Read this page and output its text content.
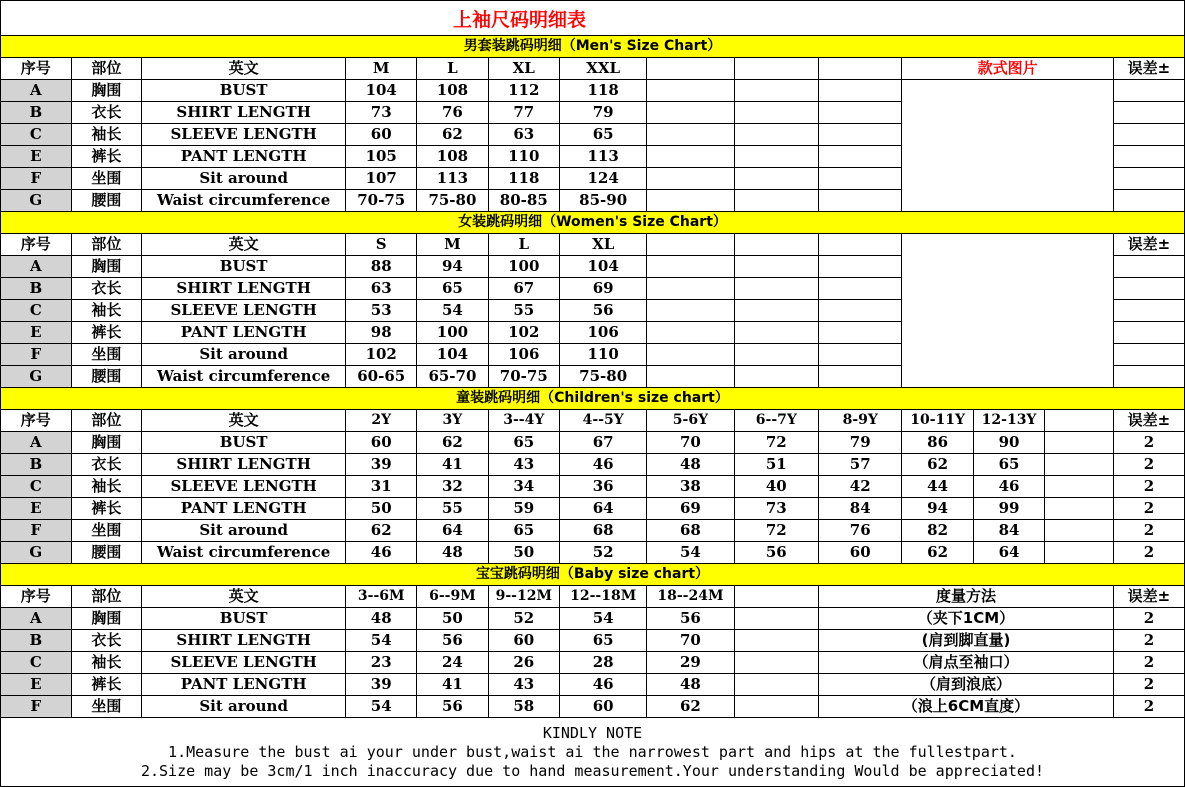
上袖尺码明细表
男套装跳码明细（Men's Size Chart）													
序号	部位	英文	M	L	XL	XXL				款式图片			误差±
A	胸围	BUST	104	108	112	118							
B	衣长	SHIRT LENGTH	73	76	77	79							
C	袖长	SLEEVE LENGTH	60	62	63	65							
E	裤长	PANT LENGTH	105	108	110	113							
F	坐围	Sit around	107	113	118	124							
G	腰围	Waist circumference	70-75	75-80	80-85	85-90							
女装跳码明细（Women's Size Chart）													
序号	部位	英文	S	M	L	XL							误差±
A	胸围	BUST	88	94	100	104							
B	衣长	SHIRT LENGTH	63	65	67	69							
C	袖长	SLEEVE LENGTH	53	54	55	56							
E	裤长	PANT LENGTH	98	100	102	106							
F	坐围	Sit around	102	104	106	110							
G	腰围	Waist circumference	60-65	65-70	70-75	75-80							
童装跳码明细（Children's size chart）													
序号	部位	英文	2Y	3Y	3--4Y	4--5Y	5-6Y	6--7Y	8-9Y	10-11Y	12-13Y		误差±
A	胸围	BUST	60	62	65	67	70	72	79	86	90		2
B	衣长	SHIRT LENGTH	39	41	43	46	48	51	57	62	65		2
C	袖长	SLEEVE LENGTH	31	32	34	36	38	40	42	44	46		2
E	裤长	PANT LENGTH	50	55	59	64	69	73	84	94	99		2
F	坐围	Sit around	62	64	65	68	68	72	76	82	84		2
G	腰围	Waist circumference	46	48	50	52	54	56	60	62	64		2
宝宝跳码明细（Baby size chart）													
序号	部位	英文	3--6M	6--9M	9--12M	12--18M	18--24M		度量方法				误差±
A	胸围	BUST	48	50	52	54	56		（夹下1CM）				2
B	衣长	SHIRT LENGTH	54	56	60	65	70		(肩到脚直量)				2
C	袖长	SLEEVE LENGTH	23	24	26	28	29		（肩点至袖口）				2
E	裤长	PANT LENGTH	39	41	43	46	48		（肩到浪底）				2
F	坐围	Sit around	54	56	58	60	62		（浪上6CM直度）				2
KINDLY NOTE
1.Measure the bust ai your under bust,waist ai the narrowest part and hips at the fullestpart.
2.Size may be 3cm/1 inch inaccuracy due to hand measurement.Your understanding Would be appreciated!
